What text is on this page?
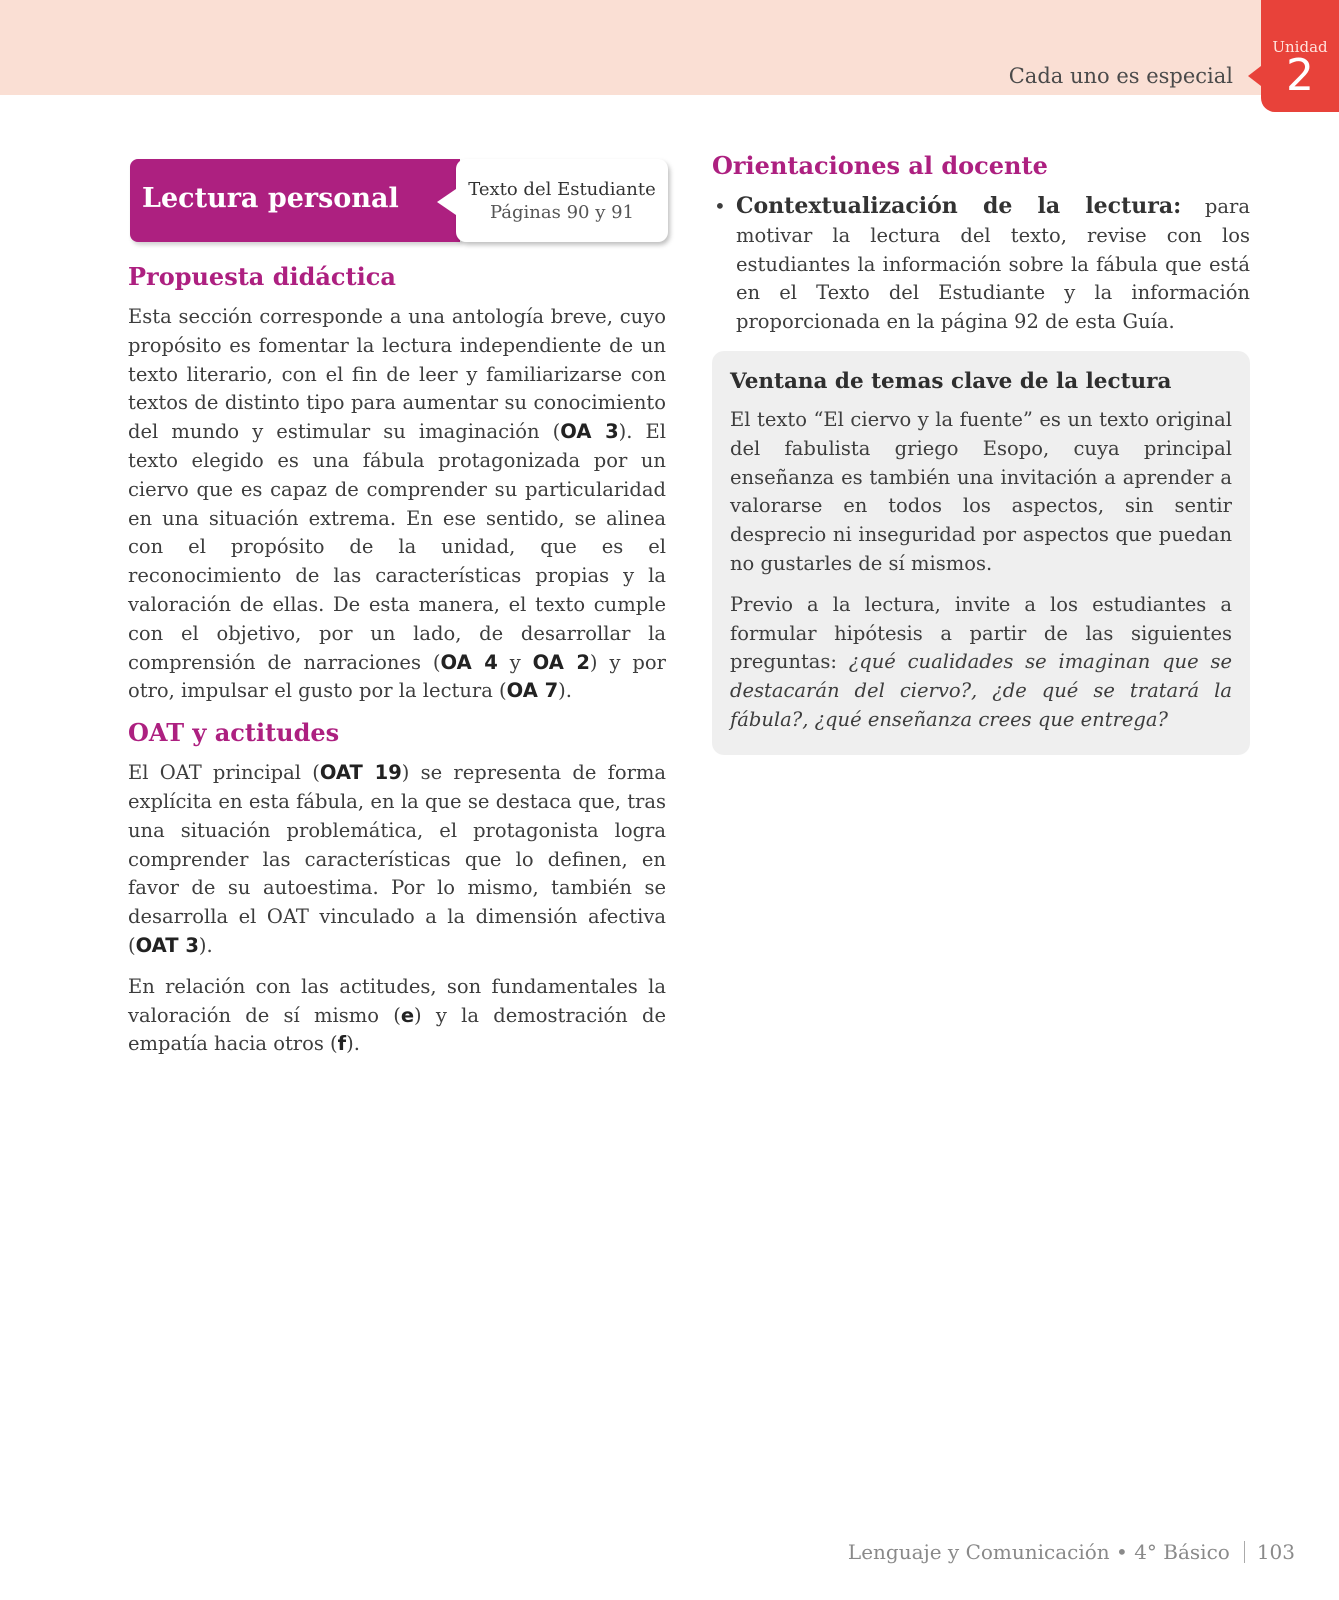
Cada uno es especial
Unidad
2
Lectura personal	Texto del Estudiante
Páginas 90 y 91
Propuesta didáctica

Esta sección corresponde a una antología breve, cuyo propósito es fomentar la lectura independiente de un texto literario, con el fin de leer y familiarizarse con textos de distinto tipo para aumentar su conocimiento del mundo y estimular su imaginación (OA 3). El texto elegido es una fábula protagonizada por un ciervo que es capaz de comprender su particularidad en una situación extrema. En ese sentido, se alinea con el propósito de la unidad, que es el reconocimiento de las características propias y la valoración de ellas. De esta manera, el texto cumple con el objetivo, por un lado, de desarrollar la comprensión de narraciones (OA 4 y OA 2) y por otro, impulsar el gusto por la lectura (OA 7).

OAT y actitudes

El OAT principal (OAT 19) se representa de forma explícita en esta fábula, en la que se destaca que, tras una situación problemática, el protagonista logra comprender las características que lo definen, en favor de su autoestima. Por lo mismo, también se desarrolla el OAT vinculado a la dimensión afectiva (OAT 3).

En relación con las actitudes, son fundamentales la valoración de sí mismo (e) y la demostración de empatía hacia otros (f).

Orientaciones al docente
• Contextualización de la lectura: para motivar la lectura del texto, revise con los estudiantes la información sobre la fábula que está en el Texto del Estudiante y la información proporcionada en la página 92 de esta Guía.

Ventana de temas clave de la lectura

El texto “El ciervo y la fuente” es un texto original del fabulista griego Esopo, cuya principal enseñanza es también una invitación a aprender a valorarse en todos los aspectos, sin sentir desprecio ni inseguridad por aspectos que puedan no gustarles de sí mismos.

Previo a la lectura, invite a los estudiantes a formular hipótesis a partir de las siguientes preguntas: ¿qué cualidades se imaginan que se destacarán del ciervo?, ¿de qué se tratará la fábula?, ¿qué enseñanza crees que entrega?

Lenguaje y Comunicación • 4° Básico 103
